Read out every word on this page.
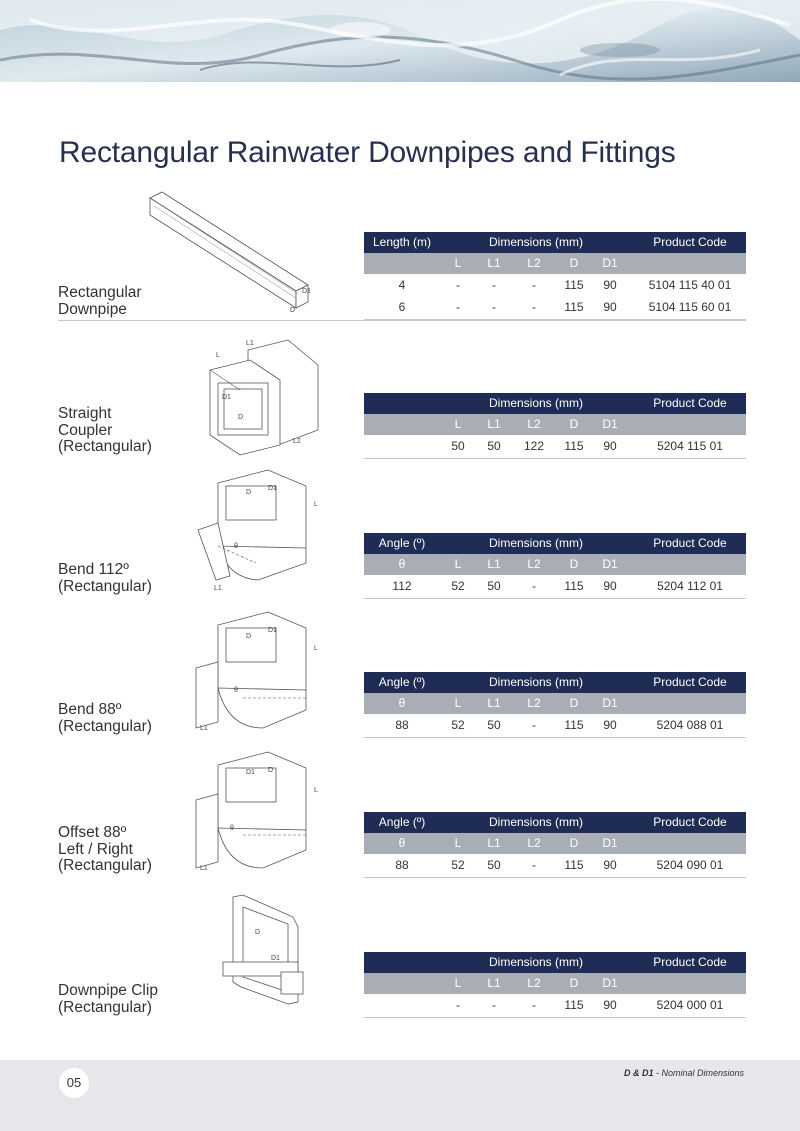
Rectangular Rainwater Downpipes and Fittings
D1
D
Rectangular
Downpipe
Length (m)	Dimensions (mm)	Product Code
L	L1	L2	D	D1
4	-	-	-	115	90	5104 115 40 01
6	-	-	-	115	90	5104 115 60 01
L1
L
D1
D
L2
Straight
Coupler
(Rectangular)
Dimensions (mm)	Product Code
L	L1	L2	D	D1
50	50	122	115	90	5204 115 01
D
D1
L
θ
L1
Bend 112º
(Rectangular)
Angle (º)	Dimensions (mm)	Product Code
θ	L	L1	L2	D	D1
112	52	50	-	115	90	5204 112 01
D
D1
L
θ
L1
Bend 88º
(Rectangular)
Angle (º)	Dimensions (mm)	Product Code
θ	L	L1	L2	D	D1
88	52	50	-	115	90	5204 088 01
D1 D
L
θ
L1
Offset 88º
Left / Right
(Rectangular)
Angle (º)	Dimensions (mm)	Product Code
θ	L	L1	L2	D	D1
88	52	50	-	115	90	5204 090 01
D
D1
Downpipe Clip
(Rectangular)
Dimensions (mm)	Product Code
L	L1	L2	D	D1
-	-	-	115	90	5204 000 01
05
D & D1 - Nominal Dimensions
